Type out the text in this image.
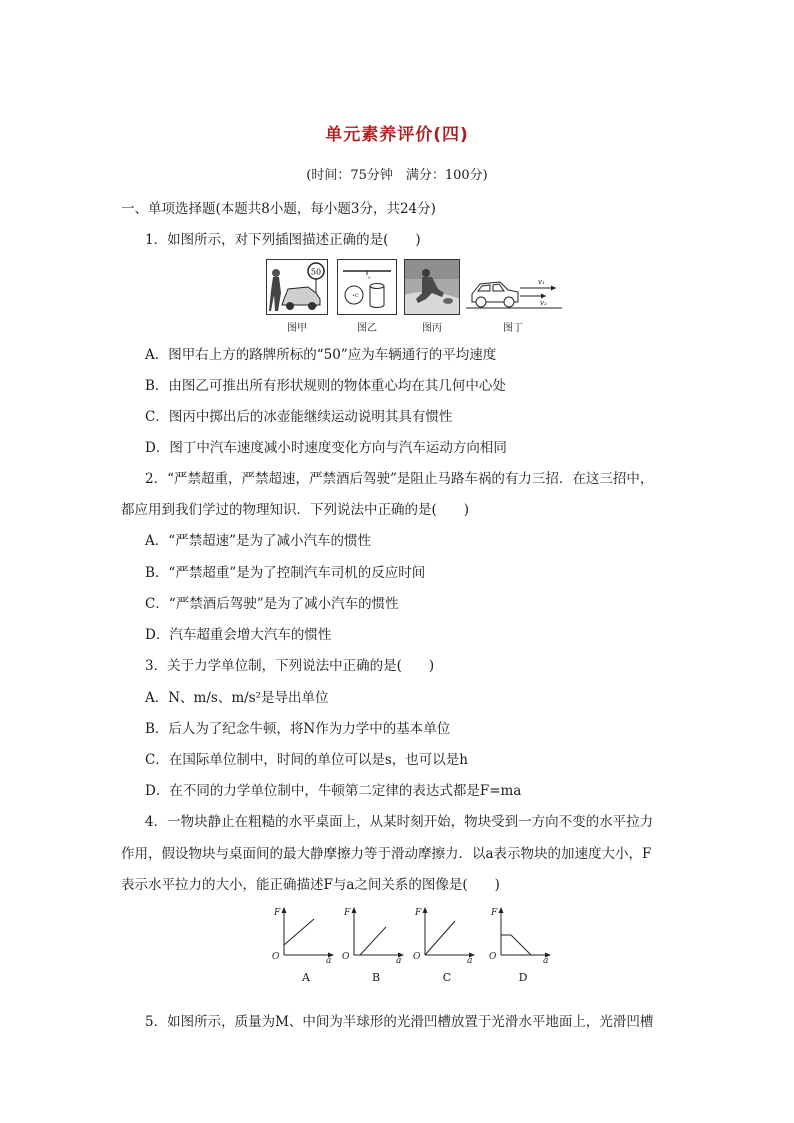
单元素养评价(四)
(时间：75分钟　满分：100分)
一、单项选择题(本题共8小题，每小题3分，共24分)
1．如图所示，对下列插图描述正确的是(　　)
50
图甲
c
•C
图乙	图丙
v₁
v₂
图丁
A．图甲右上方的路牌所标的“50”应为车辆通行的平均速度
B．由图乙可推出所有形状规则的物体重心均在其几何中心处
C．图丙中掷出后的冰壶能继续运动说明其具有惯性
D．图丁中汽车速度减小时速度变化方向与汽车运动方向相同
2．“严禁超重，严禁超速，严禁酒后驾驶”是阻止马路车祸的有力三招．在这三招中，
都应用到我们学过的物理知识．下列说法中正确的是(　　)
A．“严禁超速”是为了减小汽车的惯性
B．“严禁超重”是为了控制汽车司机的反应时间
C．“严禁酒后驾驶”是为了减小汽车的惯性
D．汽车超重会增大汽车的惯性
3．关于力学单位制，下列说法中正确的是(　　)
A．N、m/s、m/s²是导出单位
B．后人为了纪念牛顿，将N作为力学中的基本单位
C．在国际单位制中，时间的单位可以是s，也可以是h
D．在不同的力学单位制中，牛顿第二定律的表达式都是F=ma
4．一物块静止在粗糙的水平桌面上，从某时刻开始，物块受到一方向不变的水平拉力
作用，假设物块与桌面间的最大静摩擦力等于滑动摩擦力．以a表示物块的加速度大小，F
表示水平拉力的大小，能正确描述F与a之间关系的图像是(　　)
F
O	a
F
O	a
F
O	a
F
O	a
A	B	C	D
5．如图所示，质量为M、中间为半球形的光滑凹槽放置于光滑水平地面上，光滑凹槽
